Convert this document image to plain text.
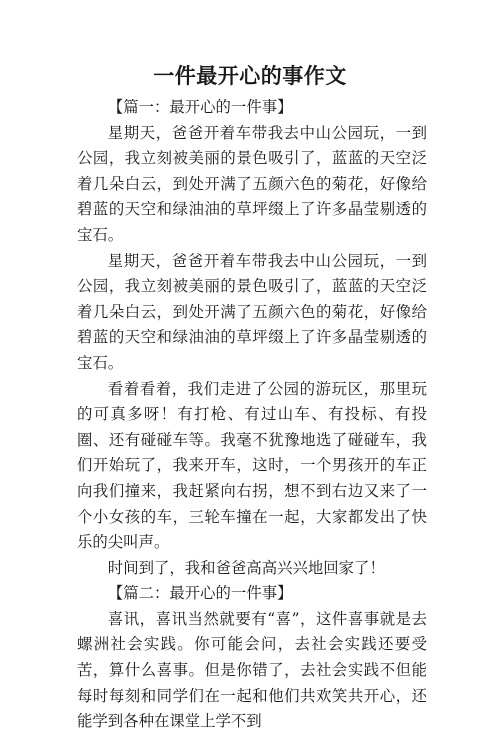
一件最开心的事作文

【篇一：最开心的一件事】

星期天，爸爸开着车带我去中山公园玩，一到公园，我立刻被美丽的景色吸引了，蓝蓝的天空泛着几朵白云，到处开满了五颜六色的菊花，好像给碧蓝的天空和绿油油的草坪缀上了许多晶莹剔透的宝石。

星期天，爸爸开着车带我去中山公园玩，一到公园，我立刻被美丽的景色吸引了，蓝蓝的天空泛着几朵白云，到处开满了五颜六色的菊花，好像给碧蓝的天空和绿油油的草坪缀上了许多晶莹剔透的宝石。

看着看着，我们走进了公园的游玩区，那里玩的可真多呀！有打枪、有过山车、有投标、有投圈、还有碰碰车等。我毫不犹豫地选了碰碰车，我们开始玩了，我来开车，这时，一个男孩开的车正向我们撞来，我赶紧向右拐，想不到右边又来了一个小女孩的车，三轮车撞在一起，大家都发出了快乐的尖叫声。

时间到了，我和爸爸高高兴兴地回家了！

【篇二：最开心的一件事】

喜讯，喜讯当然就要有“喜”，这件喜事就是去螺洲社会实践。你可能会问，去社会实践还要受苦，算什么喜事。但是你错了，去社会实践不但能每时每刻和同学们在一起和他们共欢笑共开心，还能学到各种在课堂上学不到
